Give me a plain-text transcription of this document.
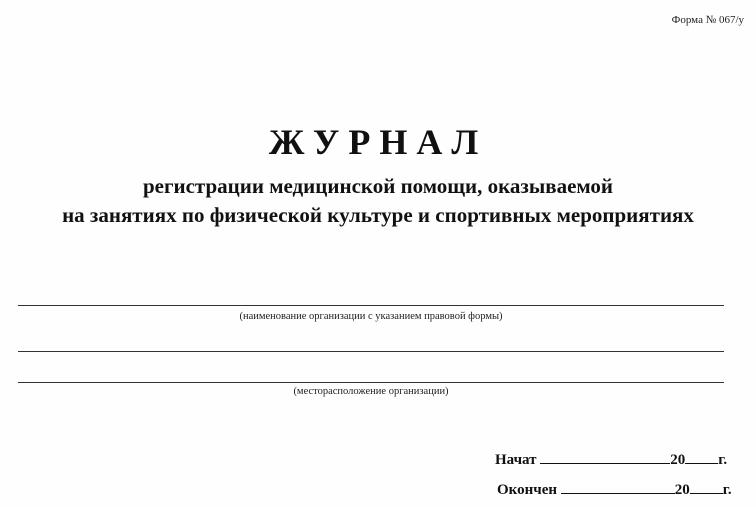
Форма № 067/у
ЖУРНАЛ
регистрации медицинской помощи, оказываемой
на занятиях по физической культуре и спортивных мероприятиях
(наименование организации с указанием правовой формы)
(месторасположение организации)
Начат	20 г.
Окончен	20 г.
